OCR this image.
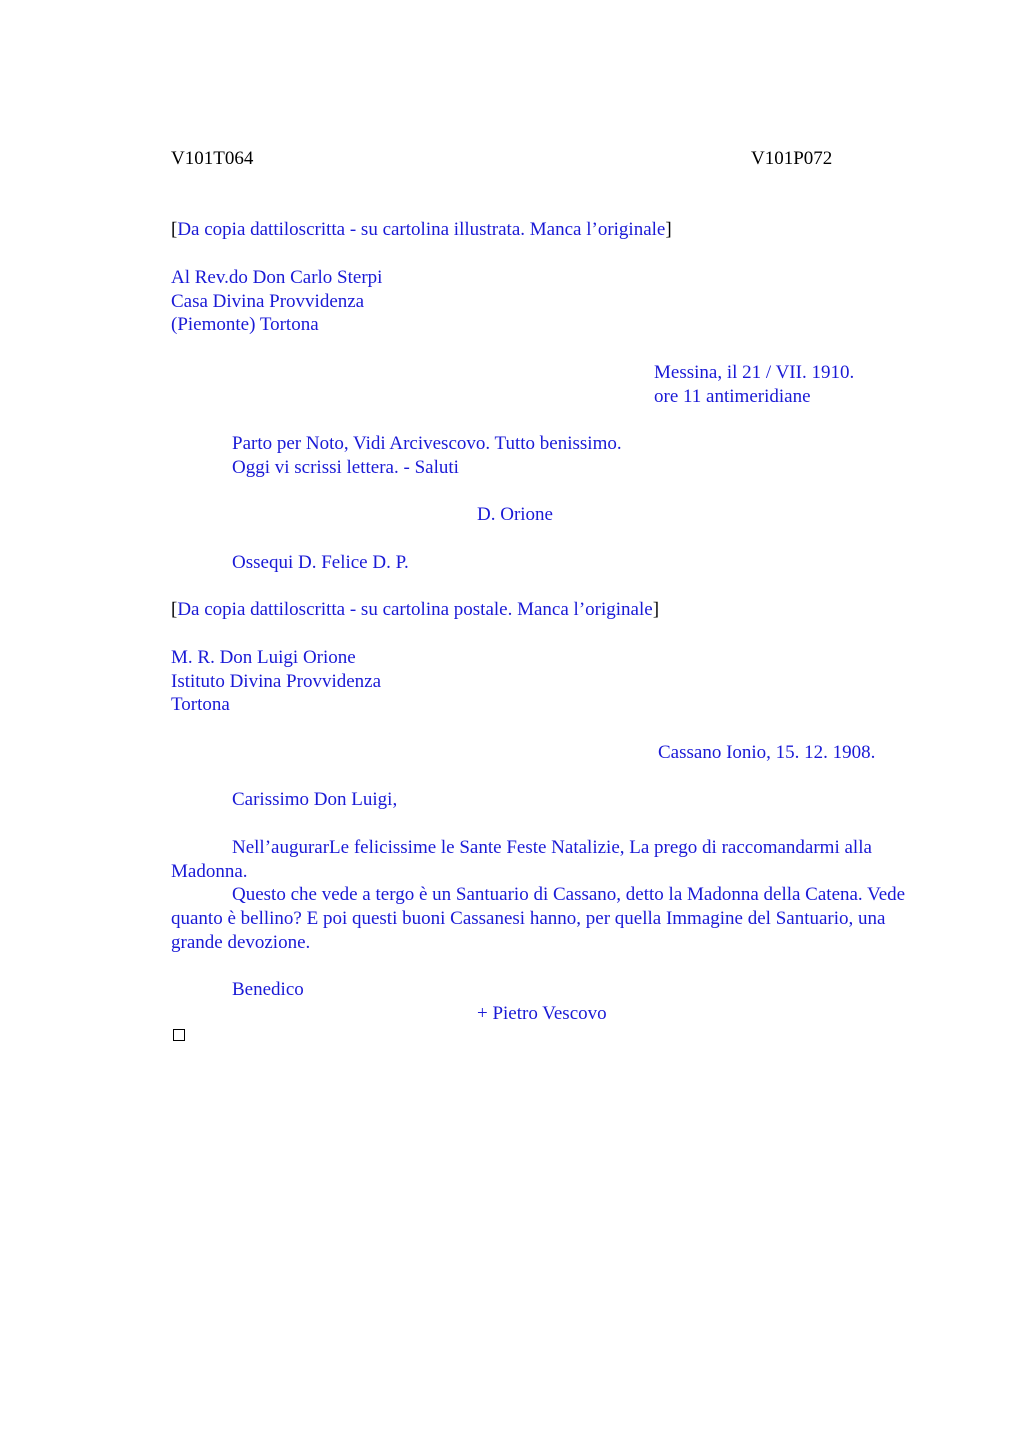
V101T064	V101P072
[Da copia dattiloscritta - su cartolina illustrata. Manca l’originale]
Al Rev.do Don Carlo Sterpi
Casa Divina Provvidenza
(Piemonte) Tortona
Messina, il 21 / VII. 1910.
ore 11 antimeridiane
Parto per Noto, Vidi Arcivescovo. Tutto benissimo.
Oggi vi scrissi lettera. - Saluti
D. Orione
Ossequi D. Felice D. P.
[Da copia dattiloscritta - su cartolina postale. Manca l’originale]
M. R. Don Luigi Orione
Istituto Divina Provvidenza
Tortona
Cassano Ionio, 15. 12. 1908.
Carissimo Don Luigi,
Nell’augurarLe felicissime le Sante Feste Natalizie, La prego di raccomandarmi alla Madonna.
Questo che vede a tergo è un Santuario di Cassano, detto la Madonna della Catena. Vede quanto è bellino? E poi questi buoni Cassanesi hanno, per quella Immagine del Santuario, una grande devozione.
Benedico
+ Pietro Vescovo
